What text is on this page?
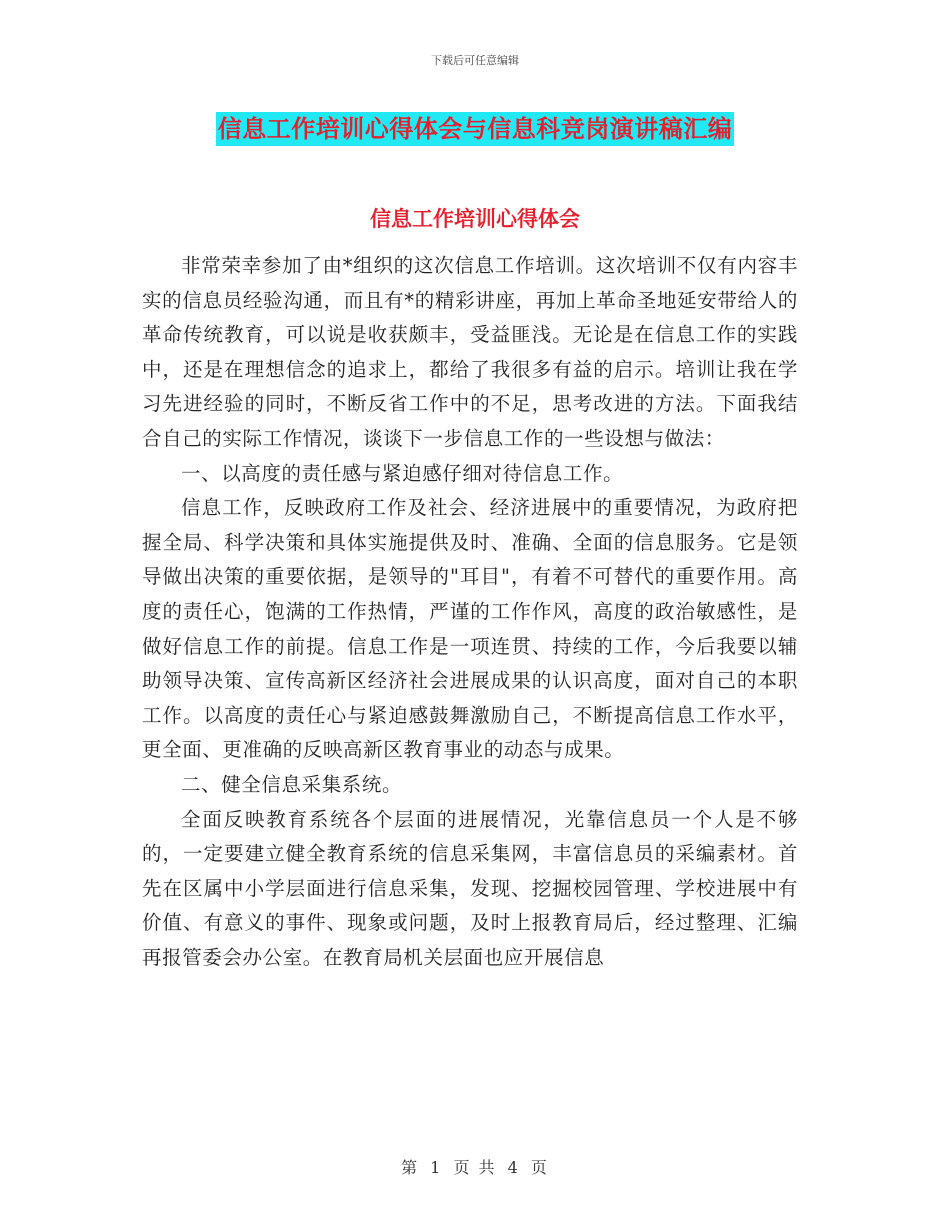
下载后可任意编辑
信息工作培训心得体会与信息科竞岗演讲稿汇编
信息工作培训心得体会

非常荣幸参加了由*组织的这次信息工作培训。这次培训不仅有内容丰实的信息员经验沟通，而且有*的精彩讲座，再加上革命圣地延安带给人的革命传统教育，可以说是收获颇丰，受益匪浅。无论是在信息工作的实践中，还是在理想信念的追求上，都给了我很多有益的启示。培训让我在学习先进经验的同时，不断反省工作中的不足，思考改进的方法。下面我结合自己的实际工作情况，谈谈下一步信息工作的一些设想与做法：

一、以高度的责任感与紧迫感仔细对待信息工作。

信息工作，反映政府工作及社会、经济进展中的重要情况，为政府把握全局、科学决策和具体实施提供及时、准确、全面的信息服务。它是领导做出决策的重要依据，是领导的"耳目"，有着不可替代的重要作用。高度的责任心，饱满的工作热情，严谨的工作作风，高度的政治敏感性，是做好信息工作的前提。信息工作是一项连贯、持续的工作，今后我要以辅助领导决策、宣传高新区经济社会进展成果的认识高度，面对自己的本职工作。以高度的责任心与紧迫感鼓舞激励自己，不断提高信息工作水平，更全面、更准确的反映高新区教育事业的动态与成果。

二、健全信息采集系统。

全面反映教育系统各个层面的进展情况，光靠信息员一个人是不够的，一定要建立健全教育系统的信息采集网，丰富信息员的采编素材。首先在区属中小学层面进行信息采集，发现、挖掘校园管理、学校进展中有价值、有意义的事件、现象或问题，及时上报教育局后，经过整理、汇编再报管委会办公室。在教育局机关层面也应开展信息

第 1 页 共 4 页
